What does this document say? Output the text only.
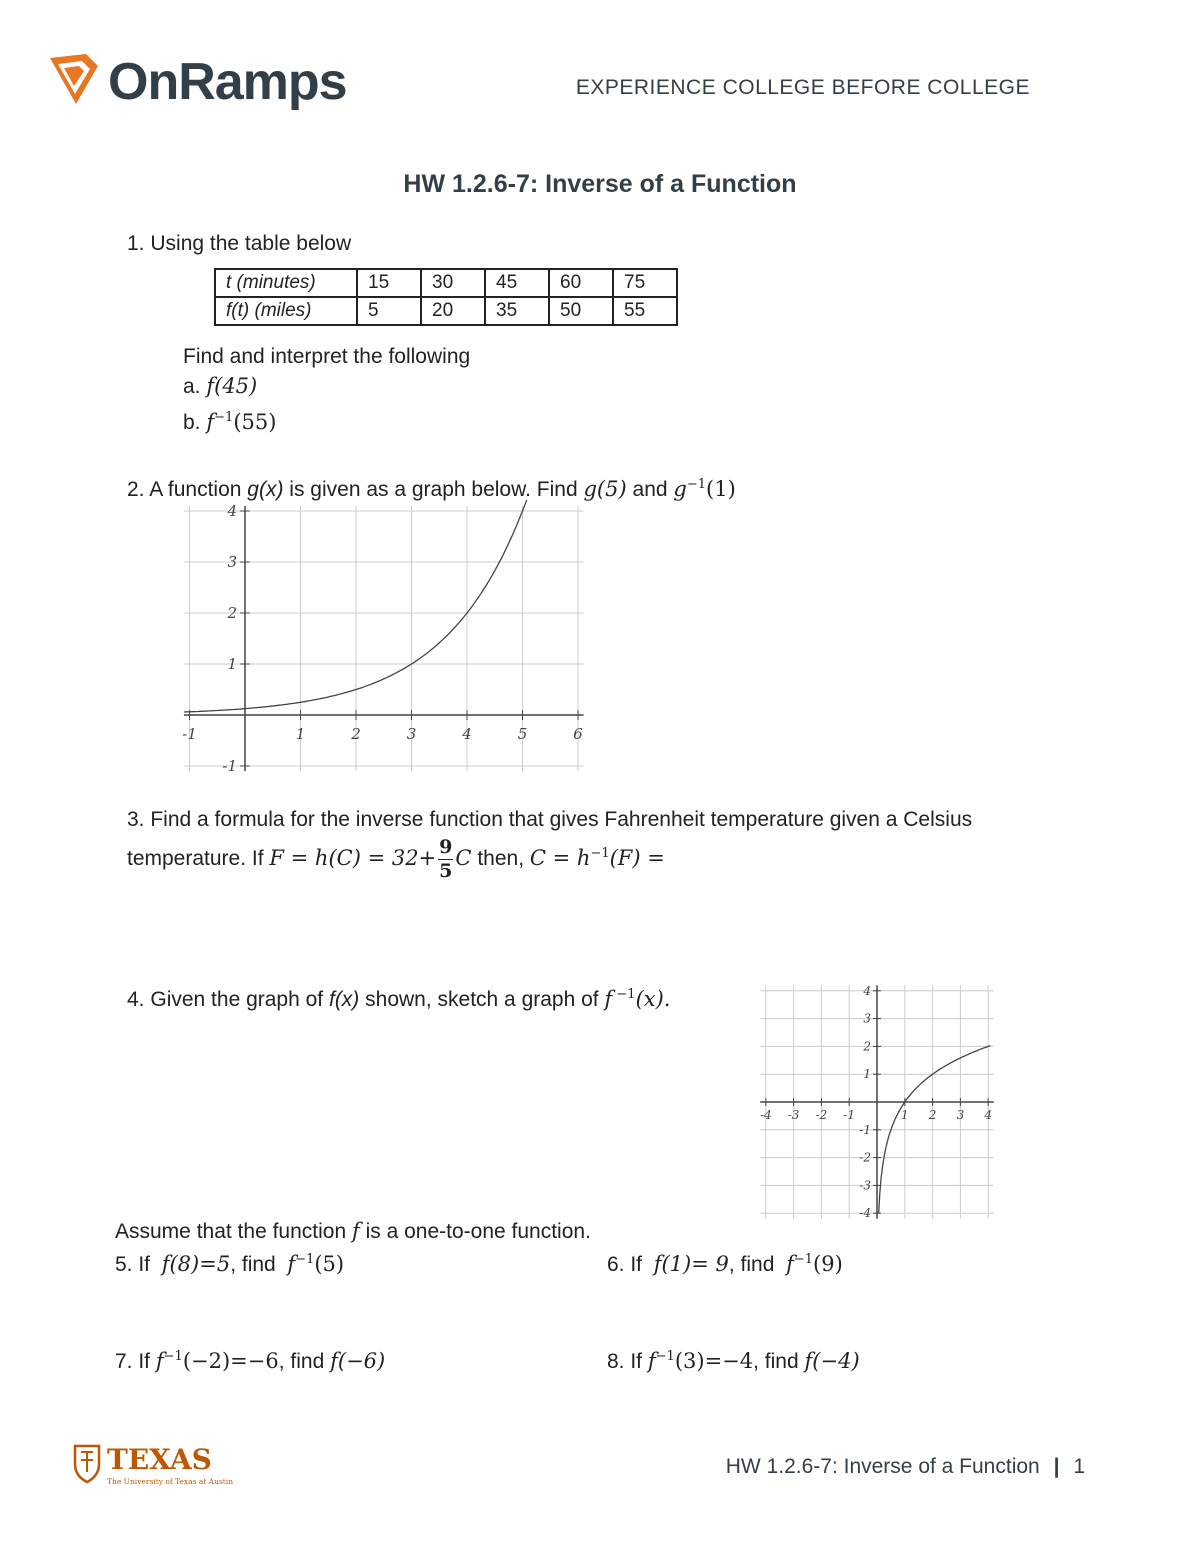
OnRamps	EXPERIENCE COLLEGE BEFORE COLLEGE
HW 1.2.6-7: Inverse of a Function
1. Using the table below
t (minutes)	15	30	45	60	75
f(t) (miles)	5	20	35	50	55
Find and interpret the following
a. f(45)
b. $f^{-1}(55)$
2. A function g(x) is given as a graph below. Find g(5) and $g^{-1}(1)$
-1	1	2	3	4	5	6
4
3
2
1
-1
3. Find a formula for the inverse function that gives Fahrenheit temperature given a Celsius
temperature. If $F = h(C) = 32+ \frac{9}{5}$ C then, $C = h^{-1}(F)$ =
4. Given the graph of f(x) shown, sketch a graph of f $^{-1}$(x).
-4 -3 -2 -1	1 2 3 4
4
3
2
1
-1
-2
-3
-4
Assume that the function f is a one-to-one function.
5. If f(8)=5, find $f^{-1}(5)$	6. If f(1)= 9, find $f^{-1}(9)$
7. If $f^{-1}(-2)=-6$, find f(−6)	8. If $f^{-1}(3)=-4$, find f(−4)
TEXAS
The University of Texas at Austin
HW 1.2.6-7: Inverse of a Function | 1
